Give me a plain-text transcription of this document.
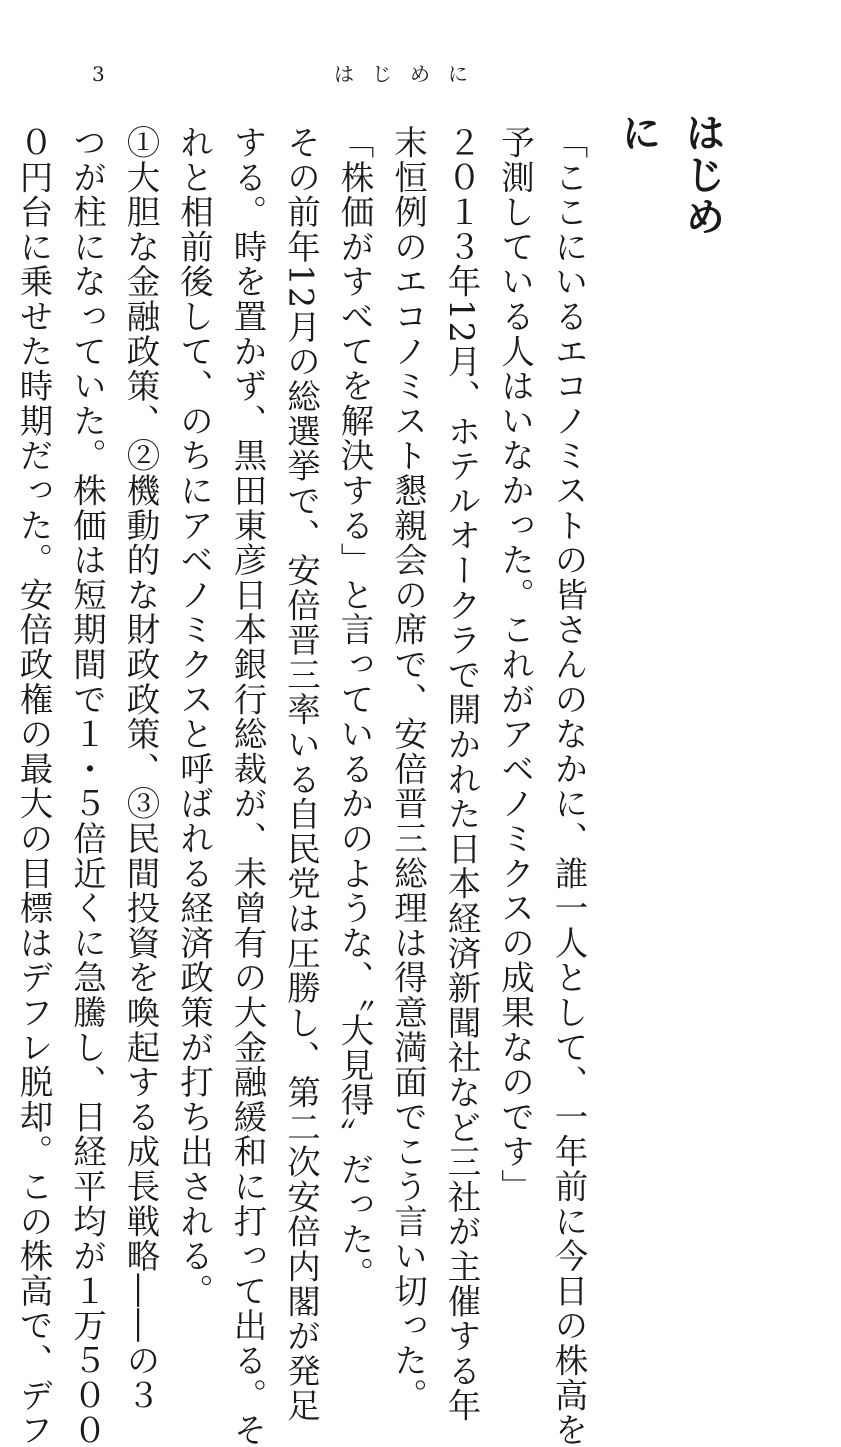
3	はじめに
はじめに
「ここにいるエコノミストの皆さんのなかに、誰一人として、一年前に今日の株高を
予測している人はいなかった。これがアベノミクスの成果なのです」
２０１３年12月、ホテルオークラで開かれた日本経済新聞社など三社が主催する年
末恒例のエコノミスト懇親会の席で、安倍晋三総理は得意満面でこう言い切った。
「株価がすべてを解決する」と言っているかのような、〝大見得〟だった。
その前年12月の総選挙で、安倍晋三率いる自民党は圧勝し、第二次安倍内閣が発足
する。時を置かず、黒田東彦日本銀行総裁が、未曾有の大金融緩和に打って出る。そ
れと相前後して、のちにアベノミクスと呼ばれる経済政策が打ち出される。
①大胆な金融政策、②機動的な財政政策、③民間投資を喚起する成長戦略――の３
つが柱になっていた。株価は短期間で１・５倍近くに急騰し、日経平均が１万５００
０円台に乗せた時期だった。安倍政権の最大の目標はデフレ脱却。この株高で、デフ
